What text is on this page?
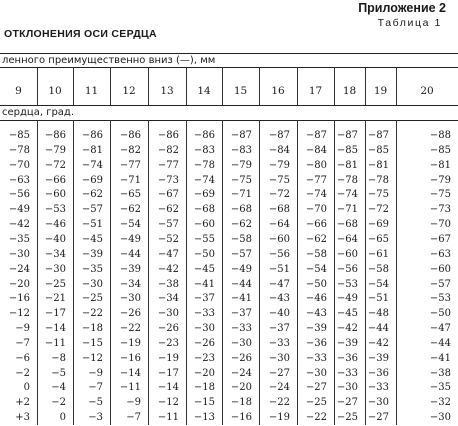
Приложение 2
Таблица 1
ОТКЛОНЕНИЯ ОСИ СЕРДЦА
ленного преимущественно вниз (—), мм
9	10	11	12	13	14	15	16	17	18	19	20
сердца, град.
−85	−86	−86	−86	−86	−86	−87	−87	−87 −87 −87	−88
−78	−79	−81	−82	−82	−83	−83	−84	−84 −85 −85	−85
−70	−72	−74	−77	−77	−78	−79	−79	−80 −81 −81	−81
−63	−66	−69	−71	−73	−74	−75	−75	−77 −78 −78	−79
−56	−60	−62	−65	−67	−69	−71	−72	−74 −74 −75	−75
−49	−53	−57	−62	−62	−68	−68	−68	−70 −71 −72	−73
−42	−46	−51	−54	−57	−60	−62	−64	−66 −68 −69	−70
−35	−40	−45	−49	−52	−55	−58	−60	−62 −64 −65	−67
−30	−34	−39	−44	−47	−50	−57	−56	−58 −60 −61	−63
−24	−30	−35	−39	−42	−45	−49	−51	−54 −56 −58	−60
−20	−25	−30	−34	−38	−41	−44	−47	−50 −53 −54	−57
−16	−21	−25	−30	−34	−37	−41	−43	−46 −49 −51	−53
−12	−17	−22	−26	−30	−33	−37	−40	−43 −45 −48	−50
−9	−14	−18	−22	−26	−30	−33	−37	−39 −42 −44	−47
−7	−11	−15	−19	−23	−26	−30	−33	−36 −39 −42	−44
−6	−8	−12	−16	−19	−23	−26	−30	−33 −36 −39	−41
−2	−5	−9	−14	−17	−20	−24	−27	−30 −33 −36	−38
0	−4	−7	−11	−14	−18	−20	−24	−27 −30 −33	−35
+2	−2	−5	−9	−12	−15	−18	−22	−25 −27 −30	−32
+3	0	−3	−7	−11	−13	−16	−19	−22 −25 −27	−30
